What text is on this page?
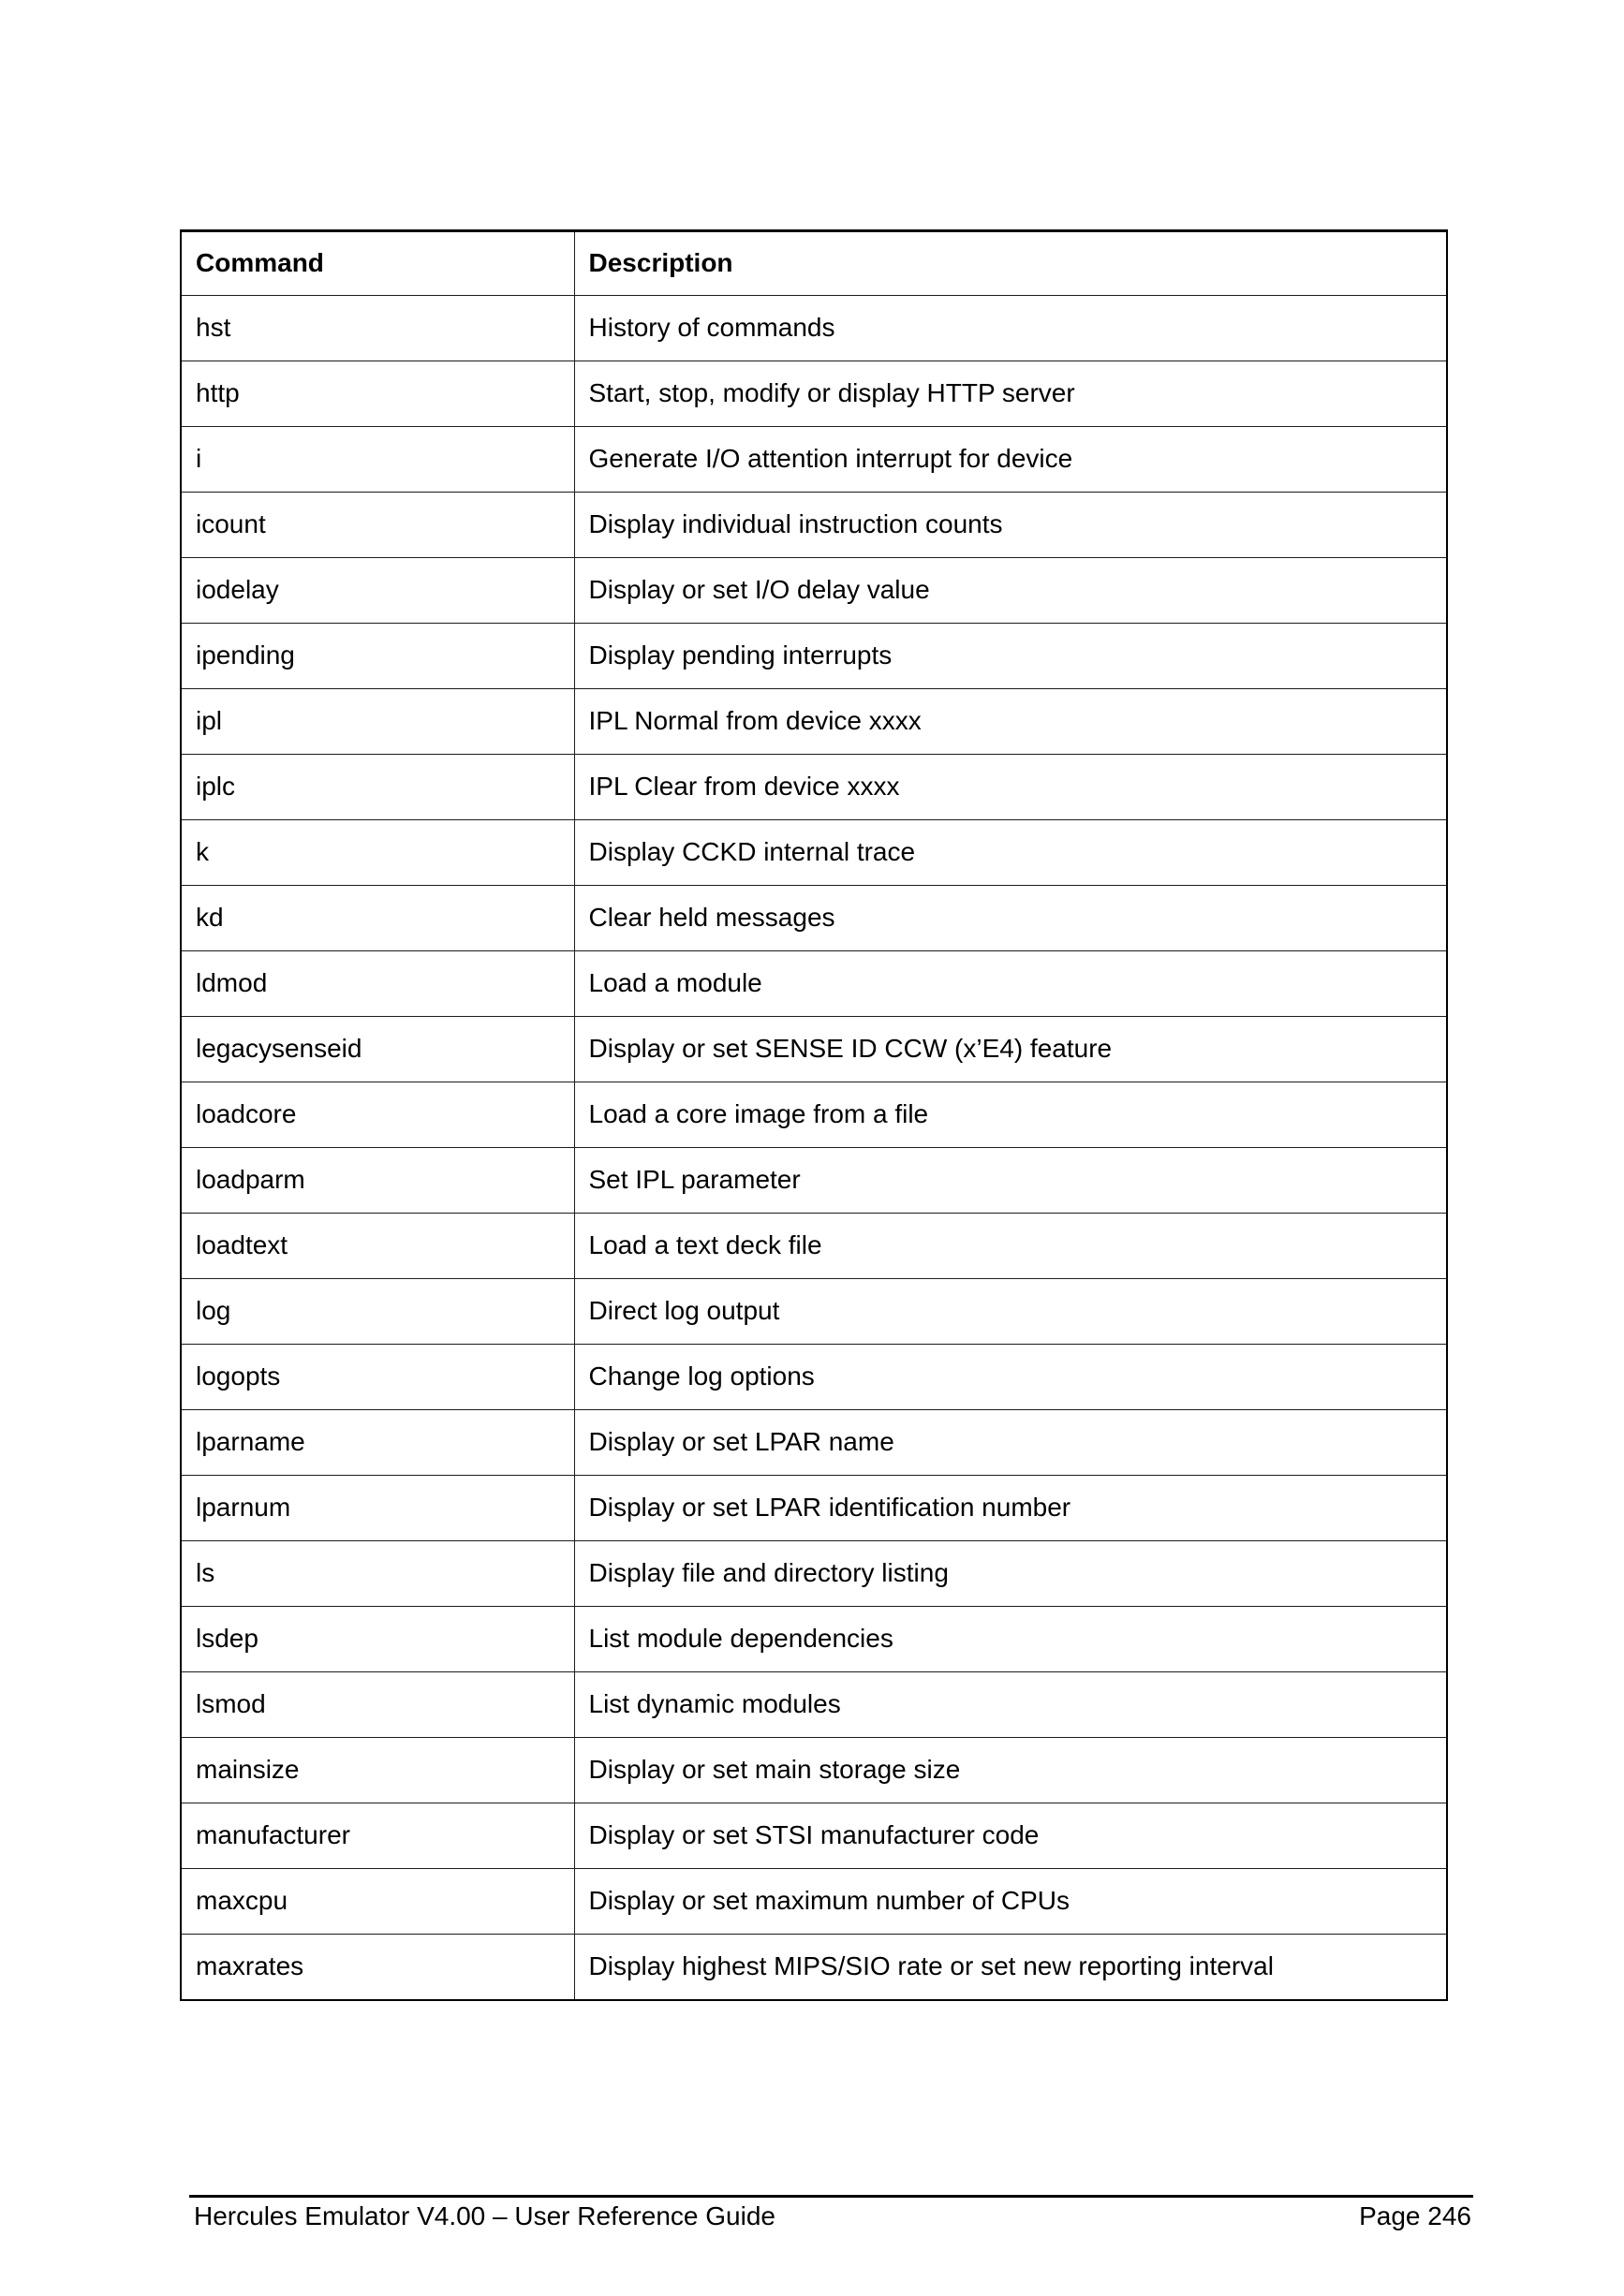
Command	Description
hst	History of commands
http	Start, stop, modify or display HTTP server
i	Generate I/O attention interrupt for device
icount	Display individual instruction counts
iodelay	Display or set I/O delay value
ipending	Display pending interrupts
ipl	IPL Normal from device xxxx
iplc	IPL Clear from device xxxx
k	Display CCKD internal trace
kd	Clear held messages
ldmod	Load a module
legacysenseid	Display or set SENSE ID CCW (x’E4) feature
loadcore	Load a core image from a file
loadparm	Set IPL parameter
loadtext	Load a text deck file
log	Direct log output
logopts	Change log options
lparname	Display or set LPAR name
lparnum	Display or set LPAR identification number
ls	Display file and directory listing
lsdep	List module dependencies
lsmod	List dynamic modules
mainsize	Display or set main storage size
manufacturer	Display or set STSI manufacturer code
maxcpu	Display or set maximum number of CPUs
maxrates	Display highest MIPS/SIO rate or set new reporting interval
Hercules Emulator V4.00 – User Reference Guide	Page 246
